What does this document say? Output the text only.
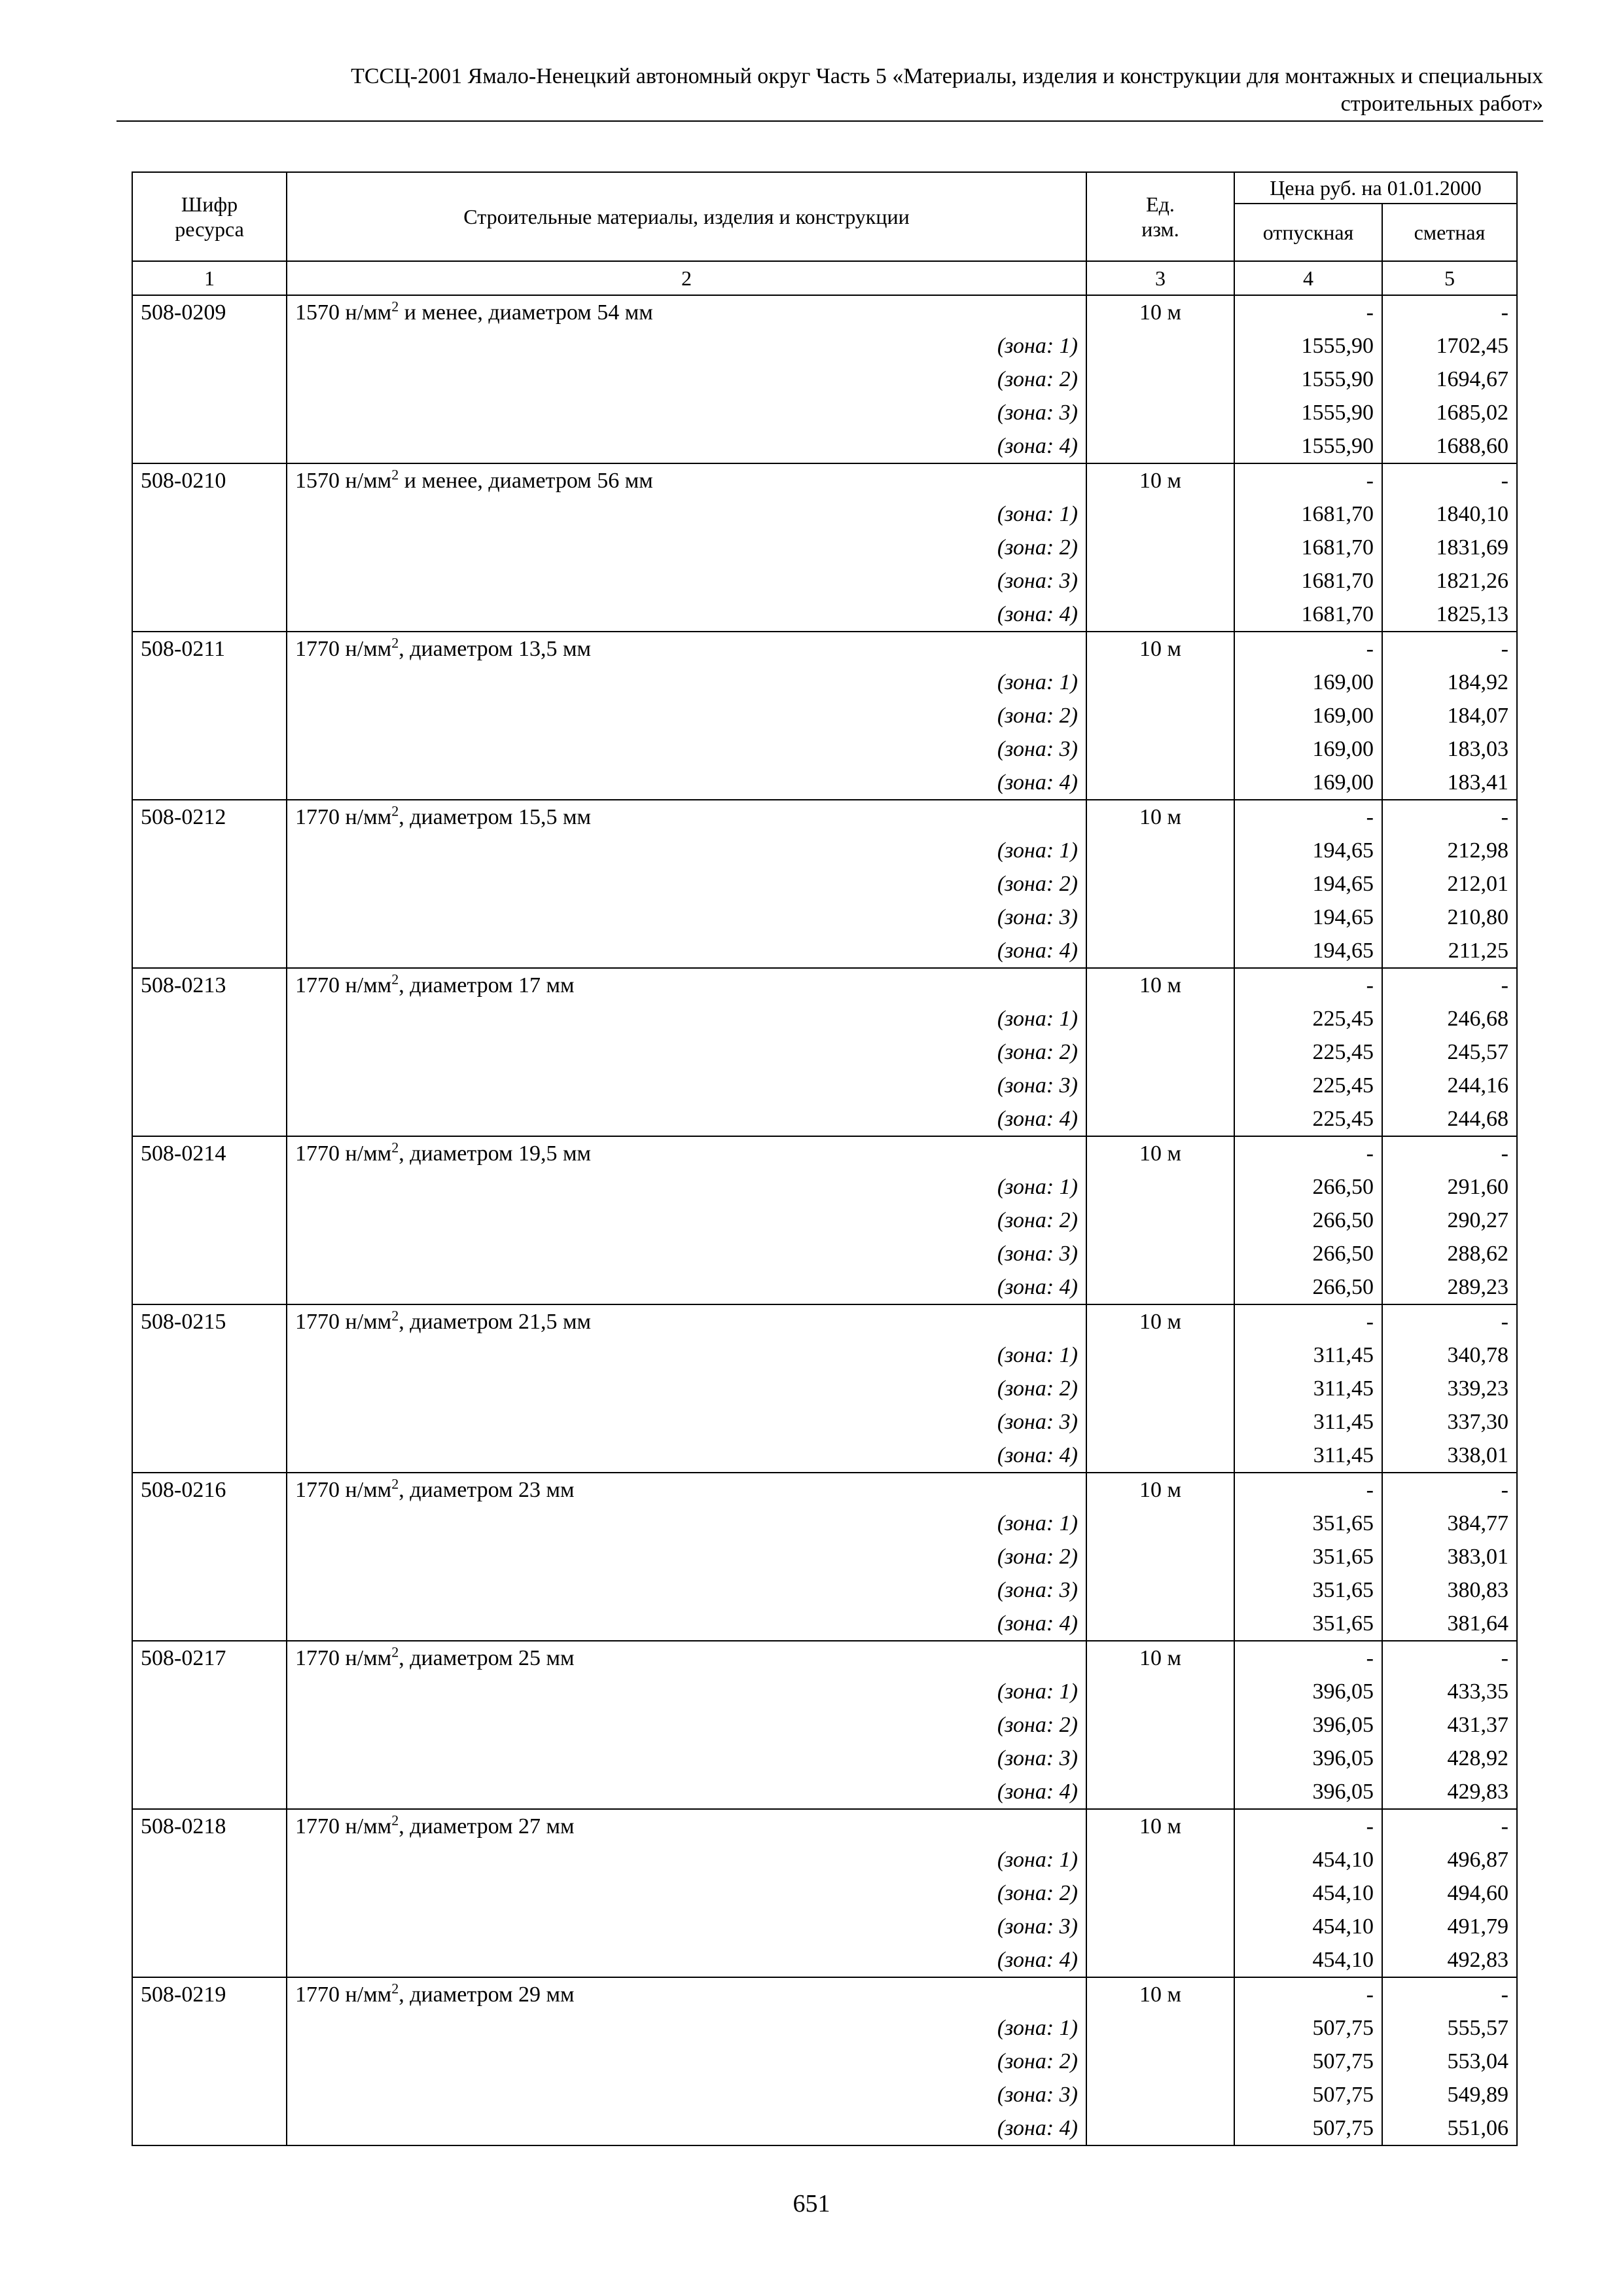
ТССЦ-2001 Ямало-Ненецкий автономный округ Часть 5 «Материалы, изделия и конструкции для монтажных и специальных
строительных работ»
Шифр ресурса	Строительные материалы, изделия и конструкции	Ед. изм.	Цена руб. на 01.01.2000	
			отпускная	сметная
1	2	3	4	5
508-0209	1570 $н/мм^2$ и менее, диаметром 54 мм	10 м	-	-
	(зона: 1)		1555,90	1702,45
	(зона: 2)		1555,90	1694,67
	(зона: 3)		1555,90	1685,02
	(зона: 4)		1555,90	1688,60
508-0210	1570 $н/мм^2$ и менее, диаметром 56 мм	10 м	-	-
	(зона: 1)		1681,70	1840,10
	(зона: 2)		1681,70	1831,69
	(зона: 3)		1681,70	1821,26
	(зона: 4)		1681,70	1825,13
508-0211	1770 $н/мм^2$, диаметром 13,5 мм	10 м	-	-
	(зона: 1)		169,00	184,92
	(зона: 2)		169,00	184,07
	(зона: 3)		169,00	183,03
	(зона: 4)		169,00	183,41
508-0212	1770 $н/мм^2$, диаметром 15,5 мм	10 м	-	-
	(зона: 1)		194,65	212,98
	(зона: 2)		194,65	212,01
	(зона: 3)		194,65	210,80
	(зона: 4)		194,65	211,25
508-0213	1770 $н/мм^2$, диаметром 17 мм	10 м	-	-
	(зона: 1)		225,45	246,68
	(зона: 2)		225,45	245,57
	(зона: 3)		225,45	244,16
	(зона: 4)		225,45	244,68
508-0214	1770 $н/мм^2$, диаметром 19,5 мм	10 м	-	-
	(зона: 1)		266,50	291,60
	(зона: 2)		266,50	290,27
	(зона: 3)		266,50	288,62
	(зона: 4)		266,50	289,23
508-0215	1770 $н/мм^2$, диаметром 21,5 мм	10 м	-	-
	(зона: 1)		311,45	340,78
	(зона: 2)		311,45	339,23
	(зона: 3)		311,45	337,30
	(зона: 4)		311,45	338,01
508-0216	1770 $н/мм^2$, диаметром 23 мм	10 м	-	-
	(зона: 1)		351,65	384,77
	(зона: 2)		351,65	383,01
	(зона: 3)		351,65	380,83
	(зона: 4)		351,65	381,64
508-0217	1770 $н/мм^2$, диаметром 25 мм	10 м	-	-
	(зона: 1)		396,05	433,35
	(зона: 2)		396,05	431,37
	(зона: 3)		396,05	428,92
	(зона: 4)		396,05	429,83
508-0218	1770 $н/мм^2$, диаметром 27 мм	10 м	-	-
	(зона: 1)		454,10	496,87
	(зона: 2)		454,10	494,60
	(зона: 3)		454,10	491,79
	(зона: 4)		454,10	492,83
508-0219	1770 $н/мм^2$, диаметром 29 мм	10 м	-	-
	(зона: 1)		507,75	555,57
	(зона: 2)		507,75	553,04
	(зона: 3)		507,75	549,89
	(зона: 4)		507,75	551,06
651
